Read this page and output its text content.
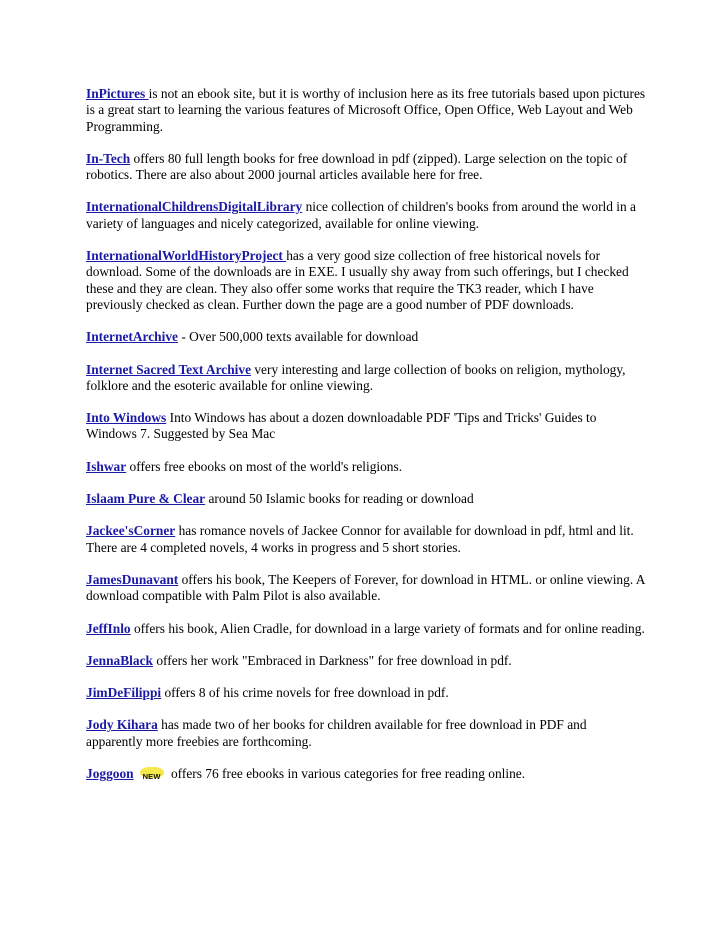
InPictures is not an ebook site, but it is worthy of inclusion here as its free tutorials based upon pictures is a great start to learning the various features of Microsoft Office, Open Office, Web Layout and Web Programming.

In-Tech offers 80 full length books for free download in pdf (zipped). Large selection on the topic of robotics. There are also about 2000 journal articles available here for free.

InternationalChildrensDigitalLibrary nice collection of children's books from around the world in a variety of languages and nicely categorized, available for online viewing.

InternationalWorldHistoryProject has a very good size collection of free historical novels for download. Some of the downloads are in EXE. I usually shy away from such offerings, but I checked these and they are clean. They also offer some works that require the TK3 reader, which I have previously checked as clean. Further down the page are a good number of PDF downloads.

InternetArchive - Over 500,000 texts available for download

Internet Sacred Text Archive very interesting and large collection of books on religion, mythology, folklore and the esoteric available for online viewing.

Into Windows Into Windows has about a dozen downloadable PDF 'Tips and Tricks' Guides to Windows 7. Suggested by Sea Mac

Ishwar offers free ebooks on most of the world's religions.

Islaam Pure & Clear around 50 Islamic books for reading or download

Jackee'sCorner has romance novels of Jackee Connor for available for download in pdf, html and lit. There are 4 completed novels, 4 works in progress and 5 short stories.

JamesDunavant offers his book, The Keepers of Forever, for download in HTML. or online viewing. A download compatible with Palm Pilot is also available.

JeffInlo offers his book, Alien Cradle, for download in a large variety of formats and for online reading.

JennaBlack offers her work "Embraced in Darkness" for free download in pdf.

JimDeFilippi offers 8 of his crime novels for free download in pdf.

Jody Kihara has made two of her books for children available for free download in PDF and apparently more freebies are forthcoming.

Joggoon NEW offers 76 free ebooks in various categories for free reading online.
